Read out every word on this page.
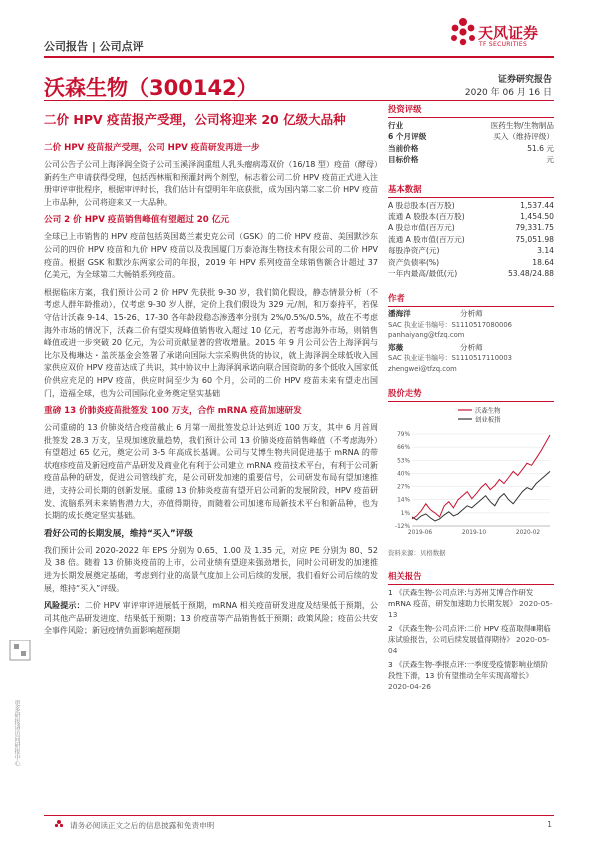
公司报告 | 公司点评
天风证券
TF SECURITIES
沃森生物（300142）	证券研究报告
2020 年 06 月 16 日
二价 HPV 疫苗报产受理，公司将迎来 20 亿级大品种
二价 HPV 疫苗报产受理，公司 HPV 疫苗研发再进一步
公司公告子公司上海泽润全资子公司玉溪泽润重组人乳头瘤病毒双价（16/18 型）疫苗（酵母）新药生产申请获得受理，包括西林瓶和预灌封两个剂型，标志着公司二价 HPV 疫苗正式进入注册审评审批程序，根据审评时长，我们估计有望明年年底获批，成为国内第二家二价 HPV 疫苗上市品种，公司将迎来又一大品种。
公司 2 价 HPV 疫苗销售峰值有望超过 20 亿元
全球已上市销售的 HPV 疫苗包括英国葛兰素史克公司（GSK）的二价 HPV 疫苗、美国默沙东公司的四价 HPV 疫苗和九价 HPV 疫苗以及我国厦门万泰沧海生物技术有限公司的二价 HPV 疫苗。根据 GSK 和默沙东两家公司的年报，2019 年 HPV 系列疫苗全球销售额合计超过 37 亿美元，为全球第二大畅销系列疫苗。
根据临床方案，我们预计公司 2 价 HPV 先获批 9-30 岁，我们简化假设，静态情景分析（不考虑人群年龄推动），仅考虑 9-30 岁人群，定价上我们假设为 329 元/剂，和万泰持平，若保守估计沃森 9-14、15-26、17-30 各年龄段稳态渗透率分别为 2%/0.5%/0.5%，故在不考虑海外市场的情况下，沃森二价有望实现峰值销售收入超过 10 亿元，若考虑海外市场，则销售峰值或进一步突破 20 亿元，为公司贡献显著的营收增量。2015 年 9 月公司公告上海泽润与比尔及梅琳达・盖茨基金会签署了承诺向国际大宗采购供货的协议，就上海泽润全球低收入国家供应双价 HPV 疫苗达成了共识，其中协议中上海泽润承诺向联合国资助的多个低收入国家低价供应充足的 HPV 疫苗，供应时间至少为 60 个月，公司的二价 HPV 疫苗未来有望走出国门，造福全球，也为公司国际化业务奠定坚实基础
重磅 13 价肺炎疫苗批签发 100 万支，合作 mRNA 疫苗加速研发
公司重磅的 13 价肺炎结合疫苗截止 6 月第一周批签发总计达到近 100 万支，其中 6 月首周批签发 28.3 万支，呈现加速放量趋势，我们预计公司 13 价肺炎疫苗销售峰值（不考虑海外）有望超过 65 亿元，奠定公司 3-5 年高成长基调。公司与艾博生物共同促进基于 mRNA 的带状疱疹疫苗及新冠疫苗产品研发及商业化有利于公司建立 mRNA 疫苗技术平台，有利于公司新疫苗品种的研发，促进公司管线扩充，是公司研发加速的重要信号，公司研发布局有望加速推进，支持公司长期的创新发展。重磅 13 价肺炎疫苗有望开启公司新的发展阶段，HPV 疫苗研发、流脑系列未来销售潜力大，亦值得期待，而随着公司加速布局新技术平台和新品种，也为长期的成长奠定坚实基础。
看好公司的长期发展，维持“买入”评级
我们预计公司 2020-2022 年 EPS 分别为 0.65、1.00 及 1.35 元，对应 PE 分别为 80、52 及 38 倍。随着 13 价肺炎疫苗的上市，公司业绩有望迎来强劲增长，同时公司研发的加速推进为长期发展奠定基础，考虑到行业的高景气度加上公司后续的发展，我们看好公司后续的发展，维持“买入”评级。
风险提示：二价 HPV 审评审评进展低于预期，mRNA 相关疫苗研发进度及结果低于预期，公司其他产品研发进度、结果低于预期；13 价疫苗等产品销售低于预期；政策风险；疫苗公共安全事件风险；新冠疫情负面影响超预期
投资评级
行业	医药生物/生物制品
6 个月评级	买入（维持评级）
当前价格	51.6 元
目标价格	元
基本数据
A 股总股本(百万股)	1,537.44
流通 A 股股本(百万股)	1,454.50
A 股总市值(百万元)	79,331.75
流通 A 股市值(百万元)	75,051.98
每股净资产(元)	3.14
资产负债率(%)	18.64
一年内最高/最低(元)	53.48/24.88
作者
潘海洋	分析师
SAC 执业证书编号：S1110517080006
panhaiyang@tfzq.com
郑薇	分析师
SAC 执业证书编号：S1110517110003
zhengwei@tfzq.com
股价走势
沃森生物
创业板指
79%
66%
53%
40%
27%
14%
1%
-12%
2019-06	2019-10	2020-02
资料来源：贝格数据
相关报告
1 《沃森生物-公司点评:与苏州艾博合作研发 mRNA 疫苗，研发加速助力长期发展》 2020-05-13
2 《沃森生物-公司点评:二价 HPV 疫苗取得Ⅲ期临床试验报告，公司后续发展值得期待》 2020-05-04
3 《沃森生物-季报点评:一季度受疫情影响业绩阶段性下滑，13 价有望推动全年实现高增长》 2020-04-26
更多研报请访问研报中心
请务必阅读正文之后的信息披露和免责申明	1
